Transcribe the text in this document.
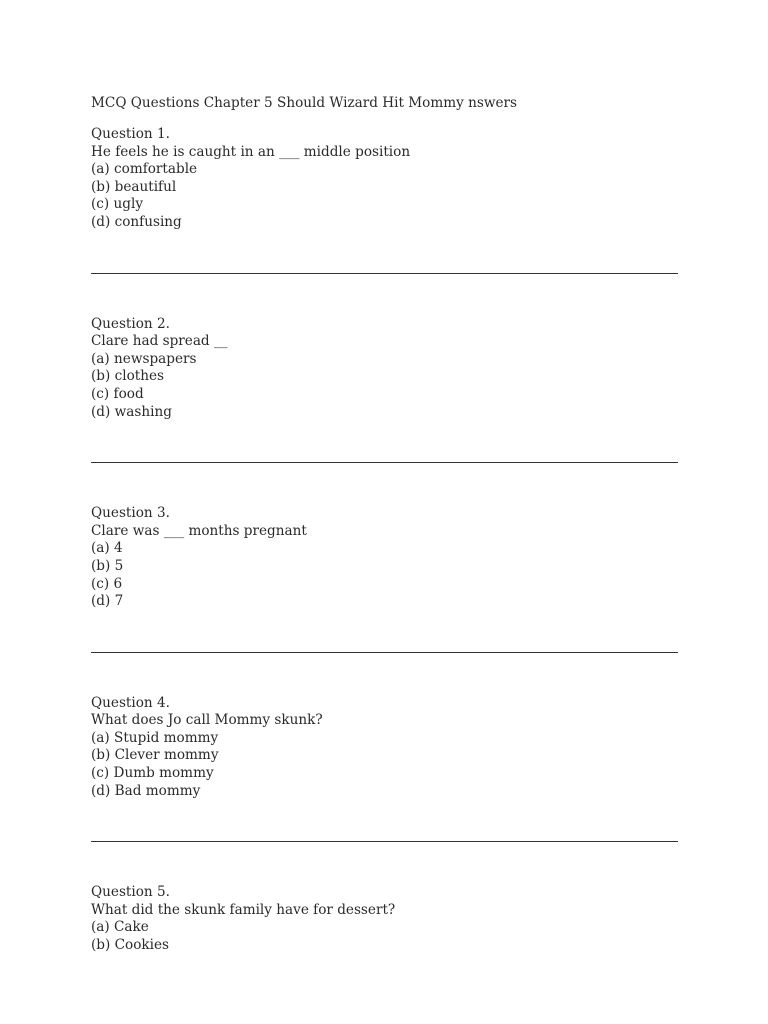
MCQ Questions Chapter 5 Should Wizard Hit Mommy nswers
Question 1.
He feels he is caught in an ___ middle position
(a) comfortable
(b) beautiful
(c) ugly
(d) confusing
Question 2.
Clare had spread __
(a) newspapers
(b) clothes
(c) food
(d) washing
Question 3.
Clare was ___ months pregnant
(a) 4
(b) 5
(c) 6
(d) 7
Question 4.
What does Jo call Mommy skunk?
(a) Stupid mommy
(b) Clever mommy
(c) Dumb mommy
(d) Bad mommy
Question 5.
What did the skunk family have for dessert?
(a) Cake
(b) Cookies
